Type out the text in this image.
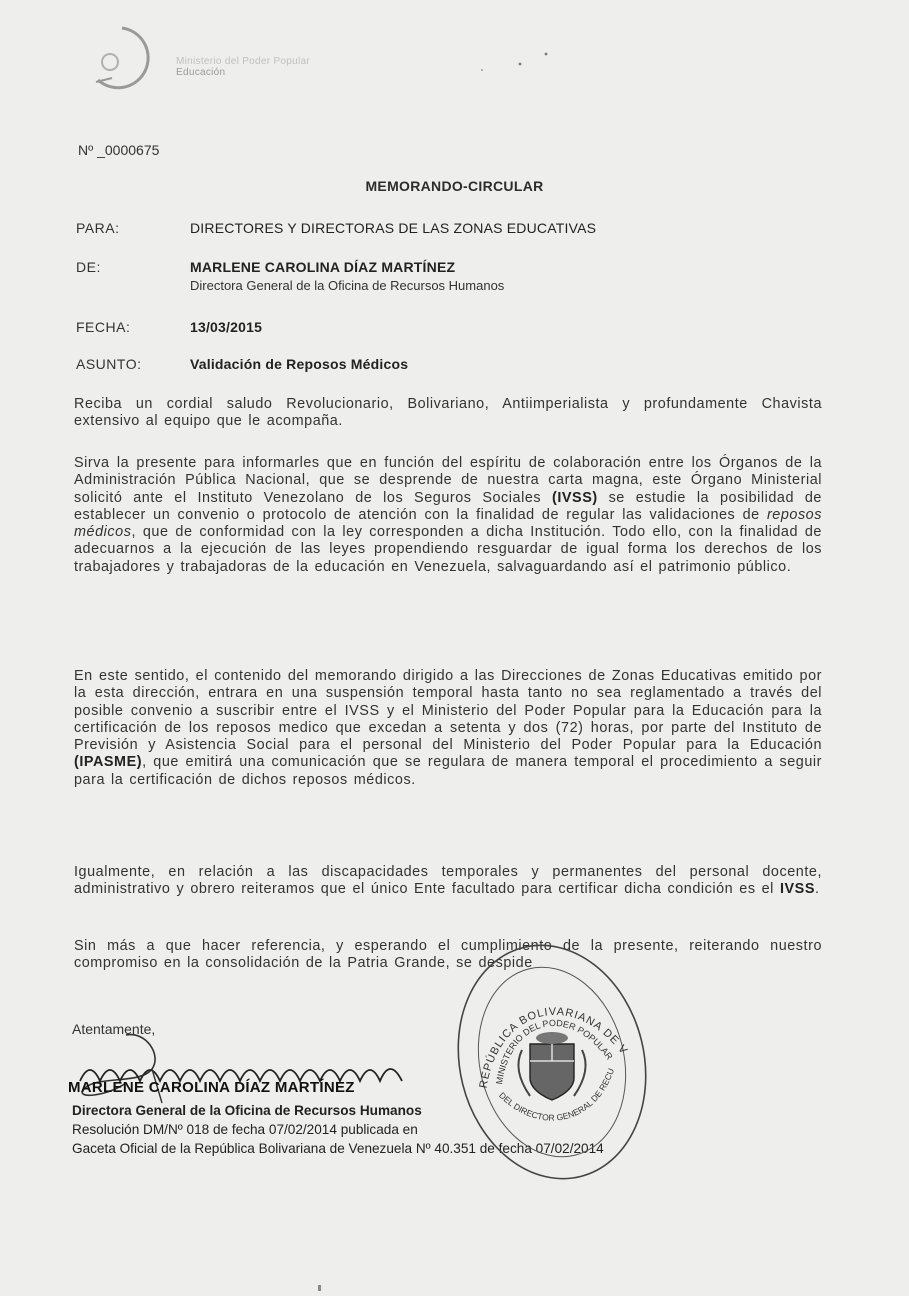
Ministerio del Poder Popular
Educación
Nº _0000675
MEMORANDO-CIRCULAR
PARA:	DIRECTORES Y DIRECTORAS DE LAS ZONAS EDUCATIVAS
DE:	MARLENE CAROLINA DÍAZ MARTÍNEZ
Directora General de la Oficina de Recursos Humanos
FECHA:	13/03/2015
ASUNTO:	Validación de Reposos Médicos
Reciba un cordial saludo Revolucionario, Bolivariano, Antiimperialista y profundamente Chavista extensivo al equipo que le acompaña.
Sirva la presente para informarles que en función del espíritu de colaboración entre los Órganos de la Administración Pública Nacional, que se desprende de nuestra carta magna, este Órgano Ministerial solicitó ante el Instituto Venezolano de los Seguros Sociales (IVSS) se estudie la posibilidad de establecer un convenio o protocolo de atención con la finalidad de regular las validaciones de reposos médicos, que de conformidad con la ley corresponden a dicha Institución. Todo ello, con la finalidad de adecuarnos a la ejecución de las leyes propendiendo resguardar de igual forma los derechos de los trabajadores y trabajadoras de la educación en Venezuela, salvaguardando así el patrimonio público.
En este sentido, el contenido del memorando dirigido a las Direcciones de Zonas Educativas emitido por la esta dirección, entrara en una suspensión temporal hasta tanto no sea reglamentado a través del posible convenio a suscribir entre el IVSS y el Ministerio del Poder Popular para la Educación para la certificación de los reposos medico que excedan a setenta y dos (72) horas, por parte del Instituto de Previsión y Asistencia Social para el personal del Ministerio del Poder Popular para la Educación (IPASME), que emitirá una comunicación que se regulara de manera temporal el procedimiento a seguir para la certificación de dichos reposos médicos.
Igualmente, en relación a las discapacidades temporales y permanentes del personal docente, administrativo y obrero reiteramos que el único Ente facultado para certificar dicha condición es el IVSS.
Sin más a que hacer referencia, y esperando el cumplimiento de la presente, reiterando nuestro compromiso en la consolidación de la Patria Grande, se despide
Atentamente,
MARLENE CAROLINA DÍAZ MARTÍNEZ
Directora General de la Oficina de Recursos Humanos
Resolución DM/Nº 018 de fecha 07/02/2014 publicada en
Gaceta Oficial de la República Bolivariana de Venezuela Nº 40.351 de fecha 07/02/2014
REPÚBLICA BOLIVARIANA DE VENEZUELA
MINISTERIO DEL PODER POPULAR
DEL DIRECTOR GENERAL DE RECURSOS
